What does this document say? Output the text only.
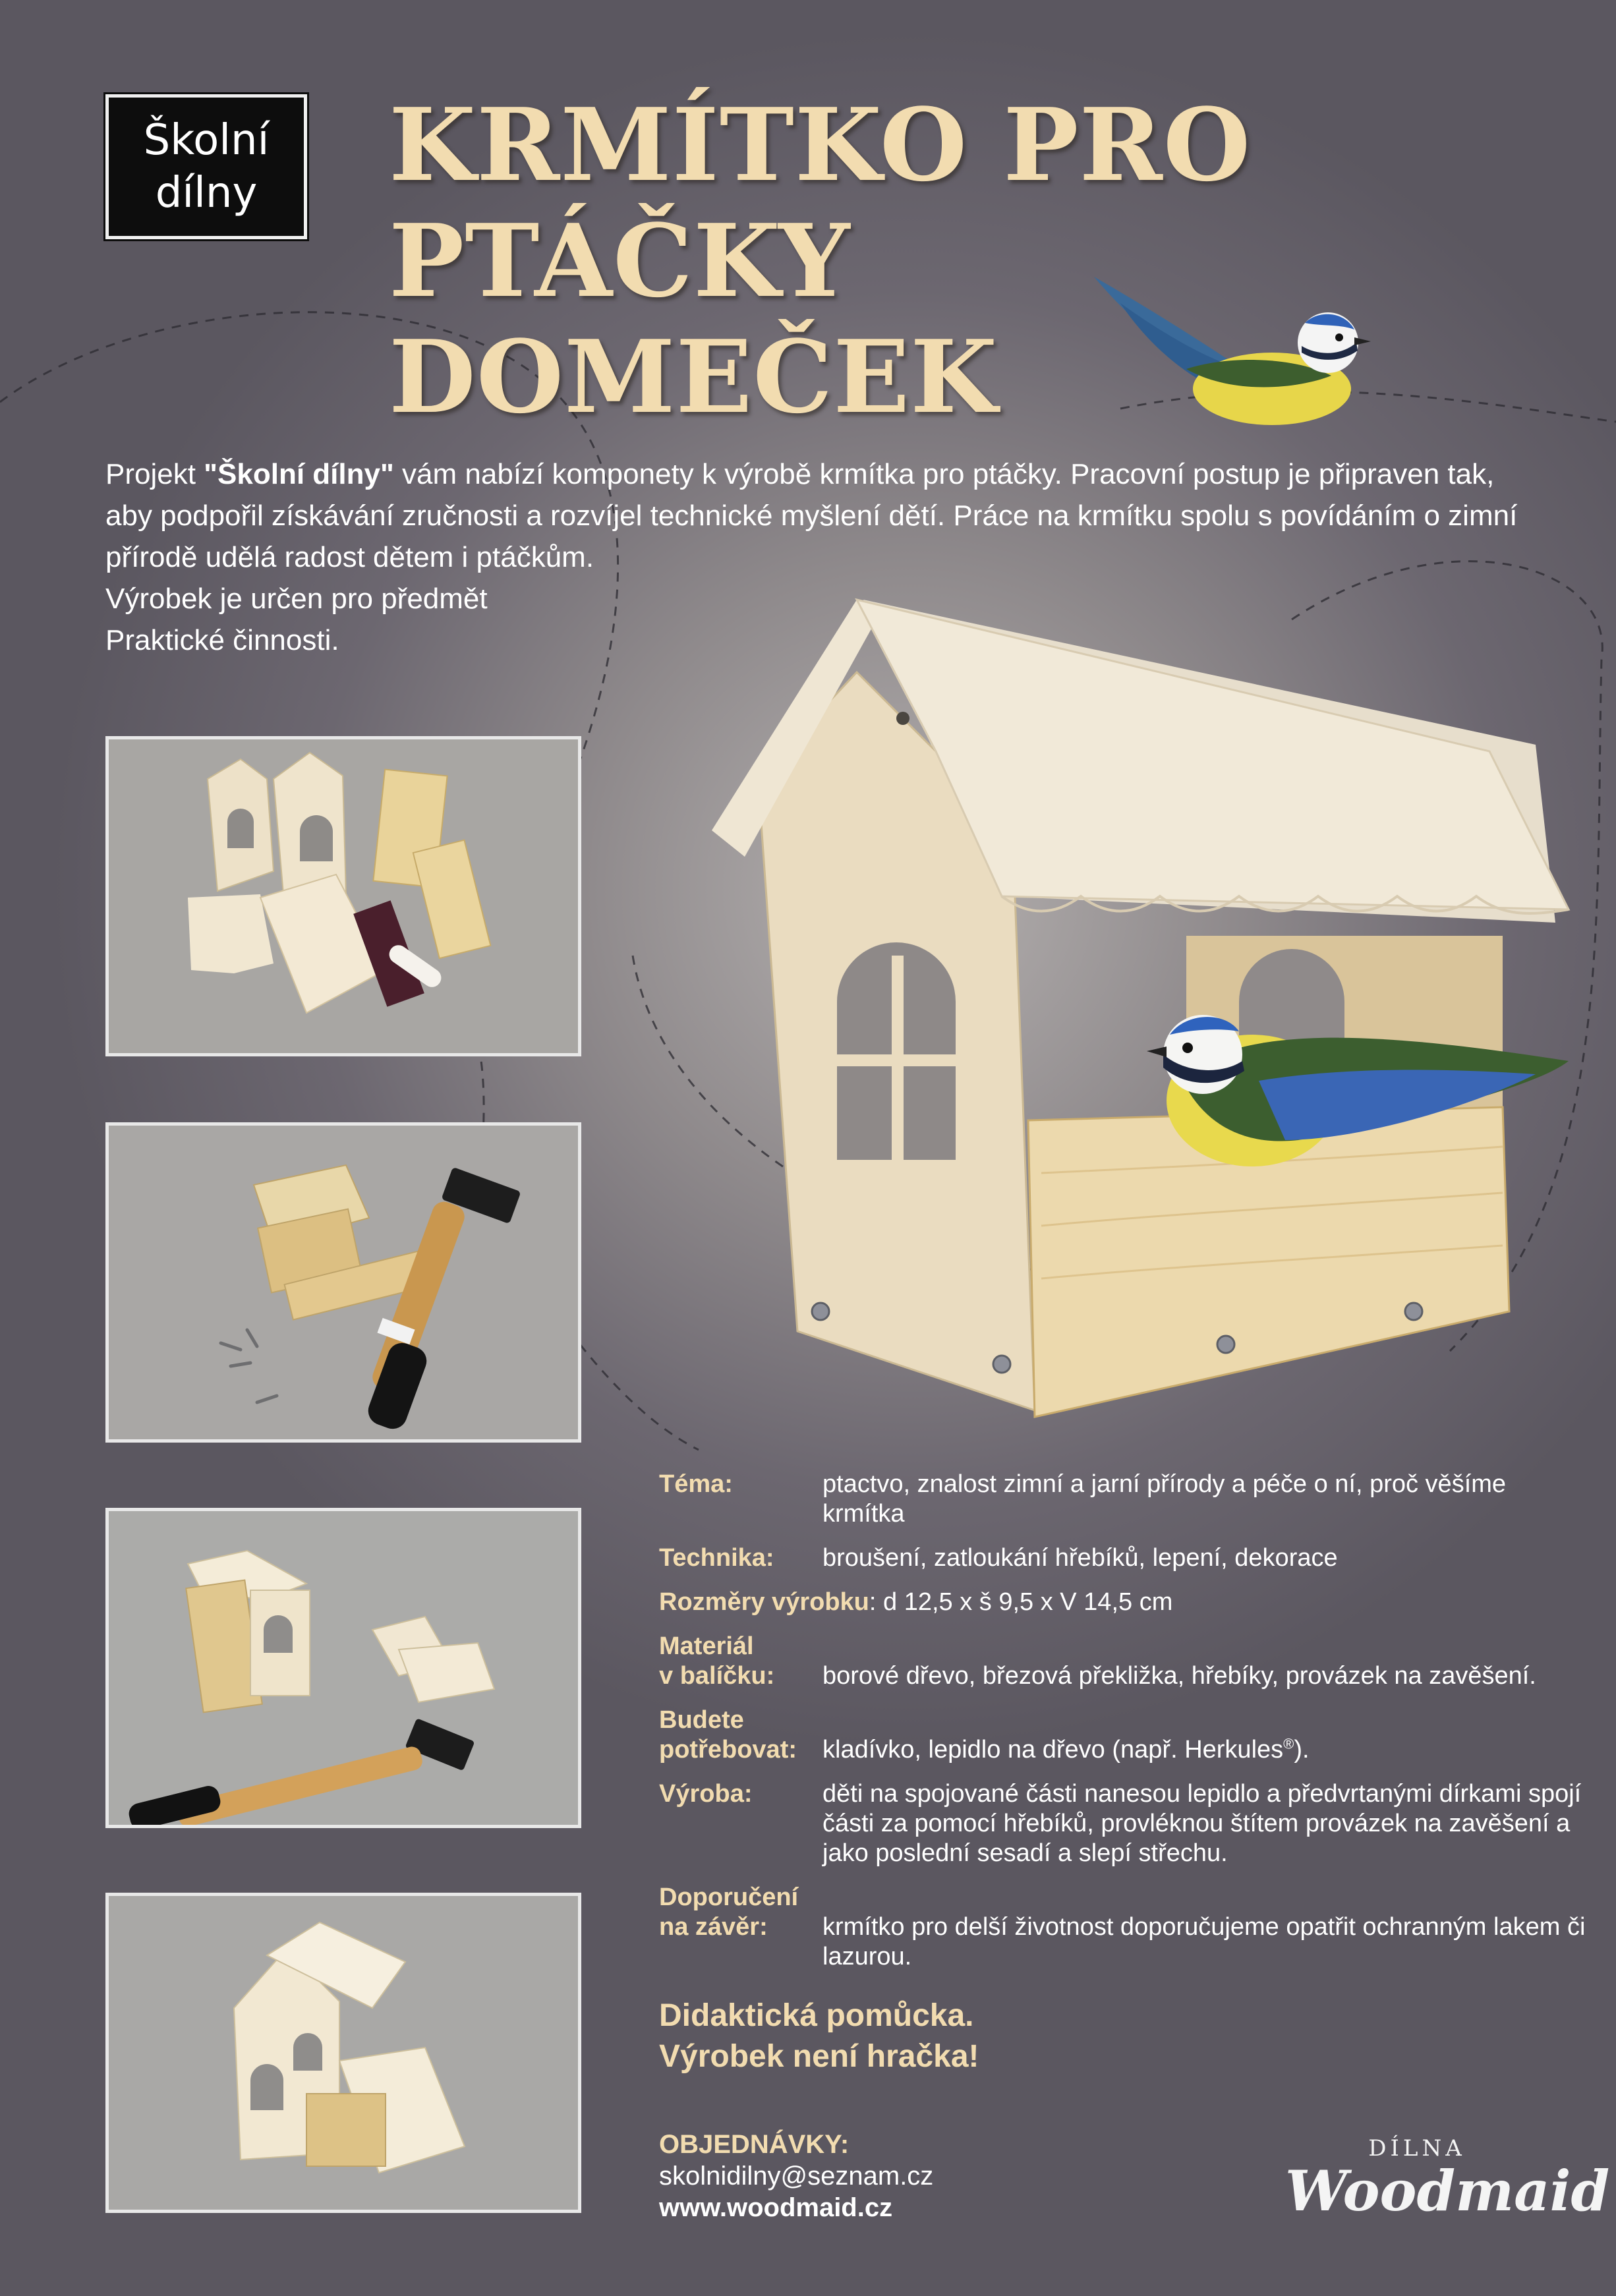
Školní
dílny KRMÍTKO PRO PTÁČKY
DOMEČEK

Projekt "Školní dílny" vám nabízí komponety k výrobě krmítka pro ptáčky. Pracovní postup je připraven tak, aby podpořil získávání zručnosti a rozvíjel technické myšlení dětí. Práce na krmítku spolu s povídáním o zimní přírodě udělá radost dětem i ptáčkům.

Výrobek je určen pro předmět

Praktické činnosti.

Téma:	ptactvo, znalost zimní a jarní přírody a péče o ní, proč věšíme krmítka
Technika:	broušení, zatloukání hřebíků, lepení, dekorace
Rozměry výrobku: d 12,5 x š 9,5 x V 14,5 cm
Materiál
v balíčku:	borové dřevo, březová překližka, hřebíky, provázek na zavěšení.
Budete
potřebovat:	kladívko, lepidlo na dřevo (např. Herkules®).
Výroba:	děti na spojované části nanesou lepidlo a předvrtanými dírkami spojí části za pomocí hřebíků, provléknou štítem provázek na zavěšení a jako poslední sesadí a slepí střechu.
Doporučení
na závěr:	krmítko pro delší životnost doporučujeme opatřit ochranným lakem či lazurou.
Didaktická pomůcka.
Výrobek není hračka!
OBJEDNÁVKY:
skolnidilny@seznam.cz
www.woodmaid.cz
DÍLNA
Woodmaid
